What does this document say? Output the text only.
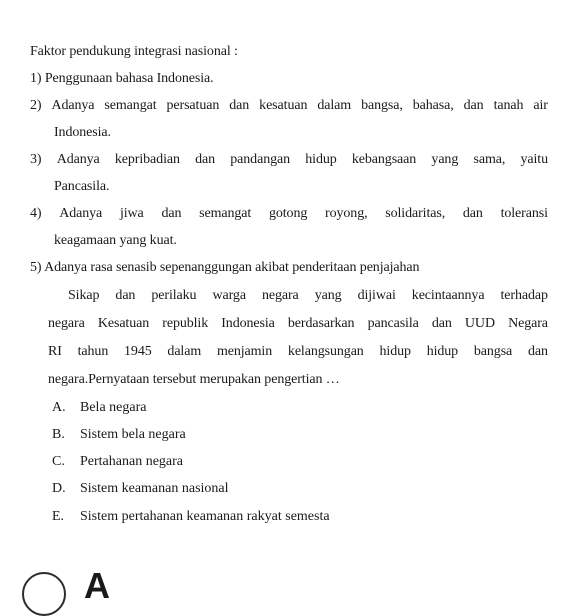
Faktor pendukung integrasi nasional :
1) Penggunaan bahasa Indonesia.
2) Adanya semangat persatuan dan kesatuan dalam bangsa, bahasa, dan tanah air
Indonesia.
3) Adanya kepribadian dan pandangan hidup kebangsaan yang sama, yaitu
Pancasila.
4) Adanya jiwa dan semangat gotong royong, solidaritas, dan toleransi
keagamaan yang kuat.
5) Adanya rasa senasib sepenanggungan akibat penderitaan penjajahan
Sikap dan perilaku warga negara yang dijiwai kecintaannya terhadap
negara Kesatuan republik Indonesia berdasarkan pancasila dan UUD Negara
RI tahun 1945 dalam menjamin kelangsungan hidup hidup bangsa dan
negara.Pernyataan tersebut merupakan pengertian …
A. Bela negara
B. Sistem bela negara
C. Pertahanan negara
D. Sistem keamanan nasional
E. Sistem pertahanan keamanan rakyat semesta
A
